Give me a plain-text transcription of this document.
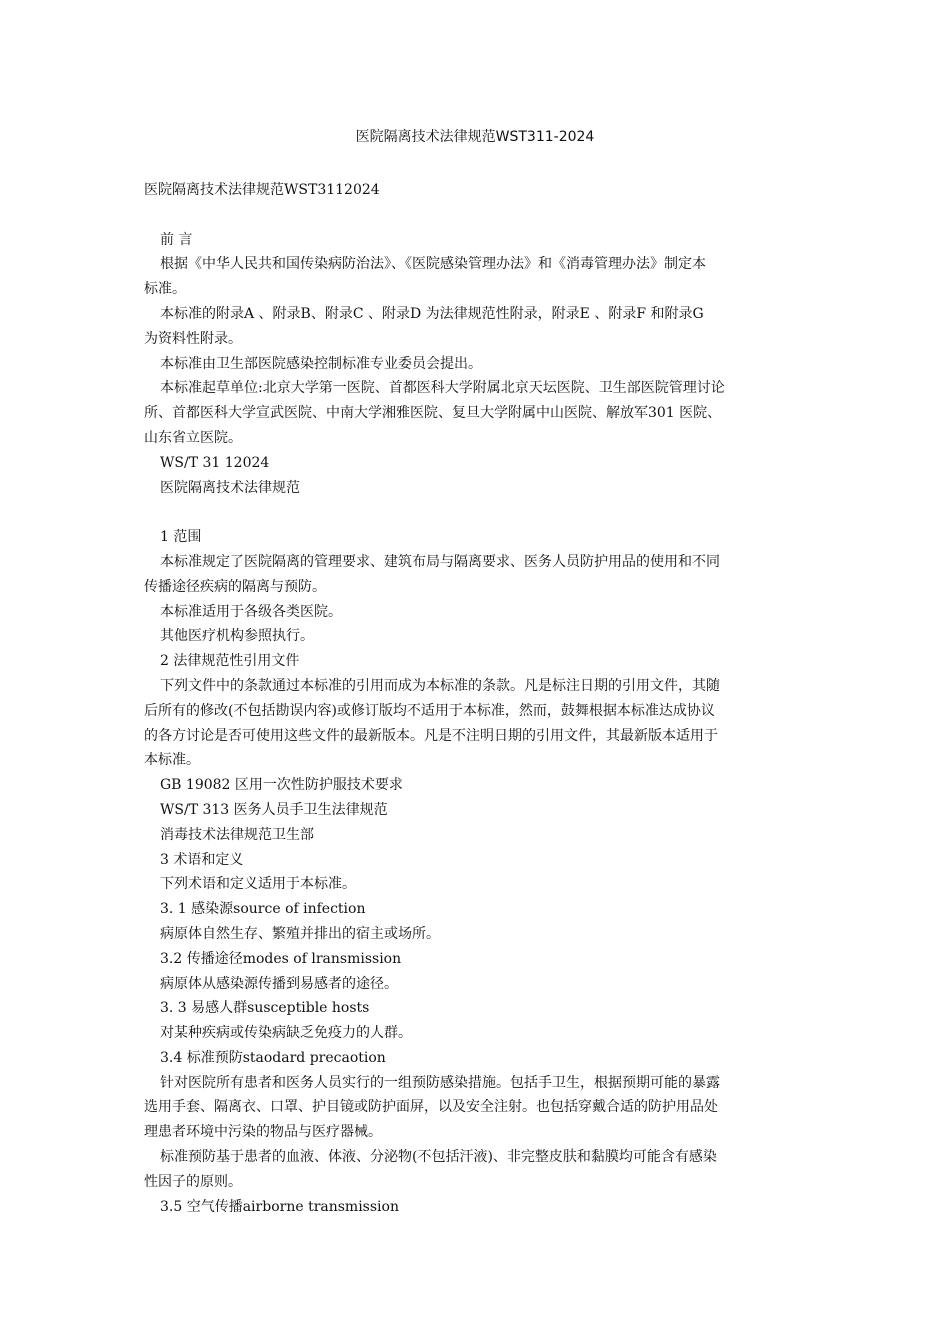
医院隔离技术法律规范WST311-2024
医院隔离技术法律规范WST3112024
前 言
根据《中华人民共和国传染病防治法》、《医院感染管理办法》和《消毒管理办法》制定本
标准。
本标准的附录A 、附录B、附录C 、附录D 为法律规范性附录，附录E 、附录F 和附录G
为资料性附录。
本标准由卫生部医院感染控制标准专业委员会提出。
本标准起草单位:北京大学第一医院、首都医科大学附属北京天坛医院、卫生部医院管理讨论
所、首都医科大学宣武医院、中南大学湘雅医院、复旦大学附属中山医院、解放军301 医院、
山东省立医院。
WS/T 31 12024
医院隔离技术法律规范
1 范围
本标准规定了医院隔离的管理要求、建筑布局与隔离要求、医务人员防护用品的使用和不同
传播途径疾病的隔离与预防。
本标准适用于各级各类医院。
其他医疗机构参照执行。
2 法律规范性引用文件
下列文件中的条款通过本标准的引用而成为本标准的条款。凡是标注日期的引用文件，其随
后所有的修改(不包括勘误内容)或修订版均不适用于本标准，然而，鼓舞根据本标准达成协议
的各方讨论是否可使用这些文件的最新版本。凡是不注明日期的引用文件，其最新版本适用于
本标准。
GB 19082 区用一次性防护服技术要求
WS/T 313 医务人员手卫生法律规范
消毒技术法律规范卫生部
3 术语和定义
下列术语和定义适用于本标准。
3. 1 感染源source of infection
病原体自然生存、繁殖并排出的宿主或场所。
3.2 传播途径modes of lransmission
病原体从感染源传播到易感者的途径。
3. 3 易感人群susceptible hosts
对某种疾病或传染病缺乏免疫力的人群。
3.4 标准预防staodard precaotion
针对医院所有患者和医务人员实行的一组预防感染措施。包括手卫生，根据预期可能的暴露
选用手套、隔离衣、口罩、护目镜或防护面屏，以及安全注射。也包括穿戴合适的防护用品处
理患者环境中污染的物品与医疗器械。
标准预防基于患者的血液、体液、分泌物(不包括汗液)、非完整皮肤和黏膜均可能含有感染
性因子的原则。
3.5 空气传播airborne transmission
